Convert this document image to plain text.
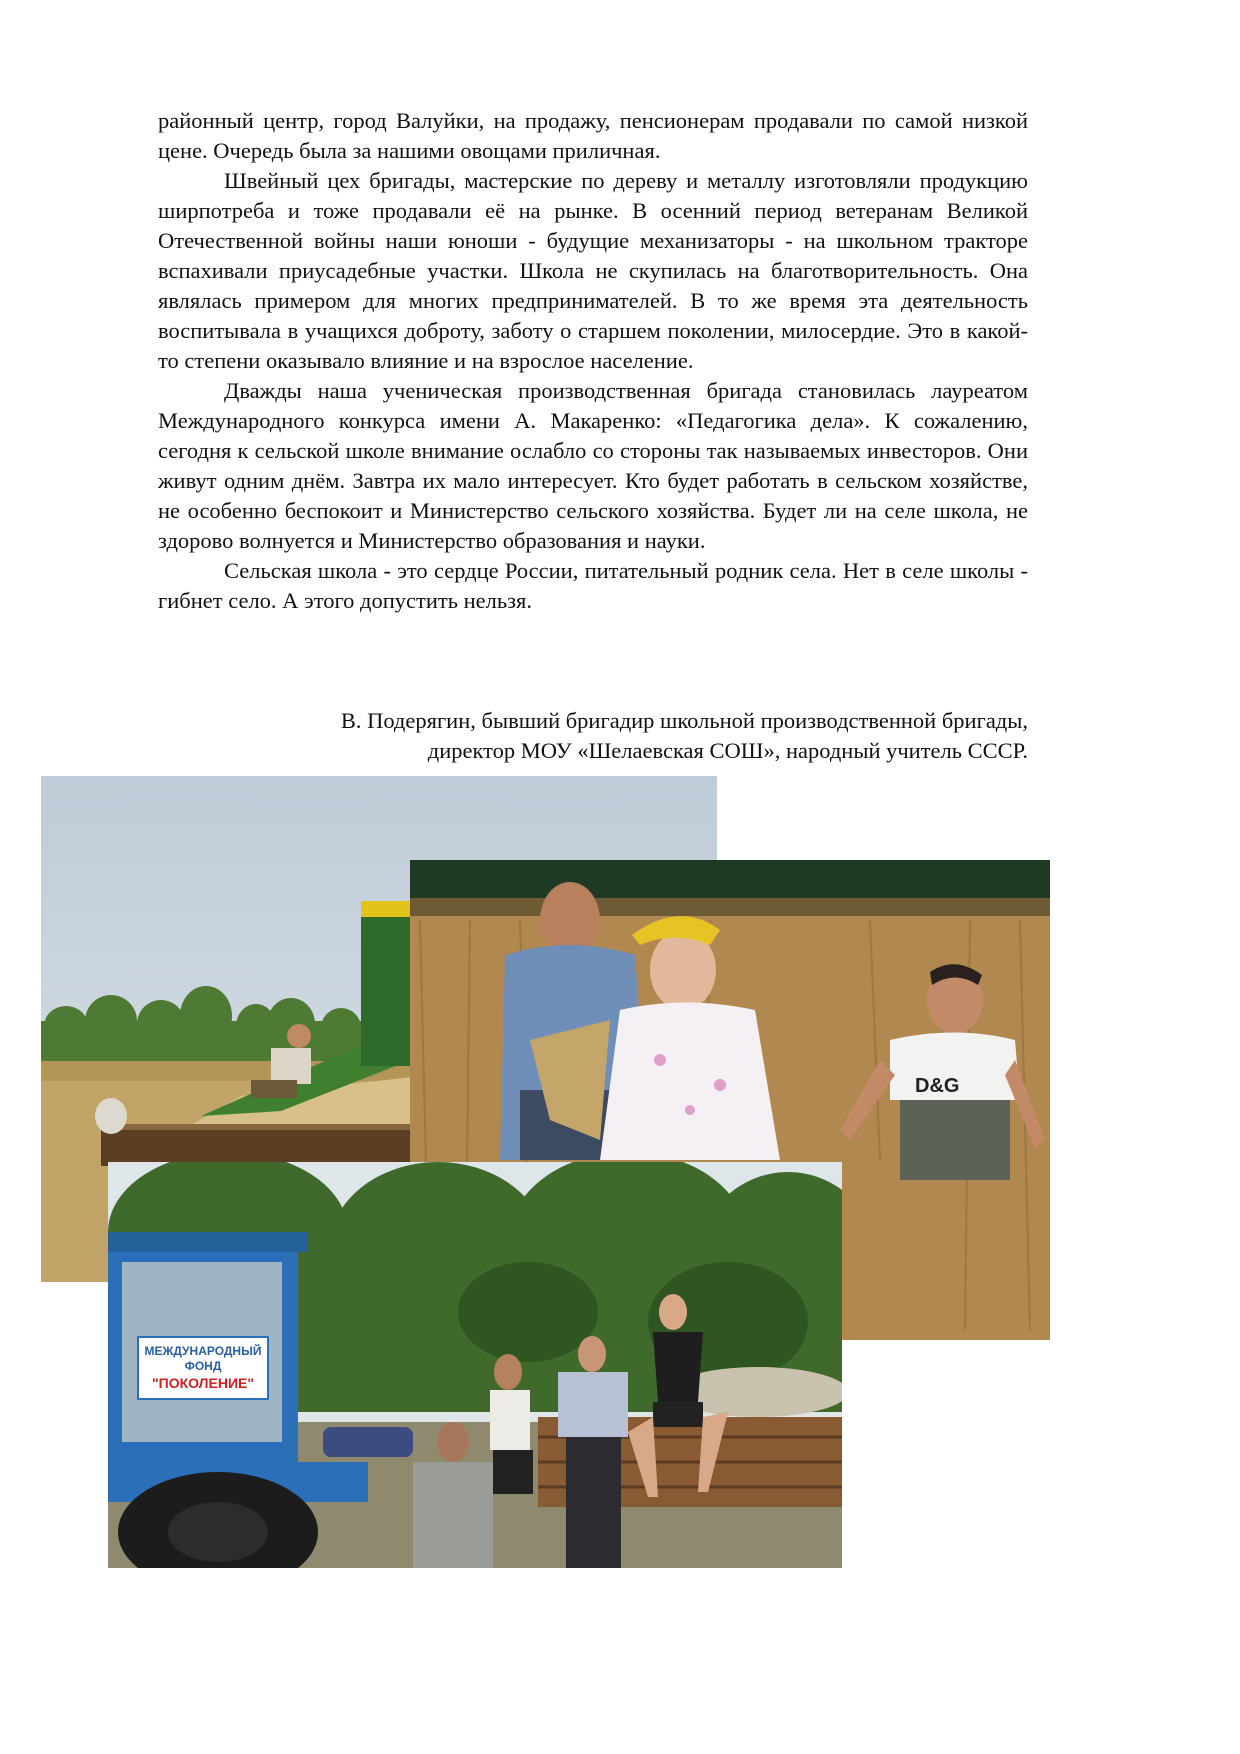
районный центр, город Валуйки, на продажу, пенсионерам продавали по самой низкой цене. Очередь была за нашими овощами приличная.

Швейный цех бригады, мастерские по дереву и металлу изготовляли продукцию ширпотреба и тоже продавали её на рынке. В осенний период ветеранам Великой Отечественной войны наши юноши - будущие механизаторы - на школьном тракторе вспахивали приусадебные участки. Школа не скупилась на благотворительность. Она являлась примером для многих предпринимателей. В то же время эта деятельность воспитывала в учащихся доброту, заботу о старшем поколении, милосердие. Это в какой-то степени оказывало влияние и на взрослое население.

Дважды наша ученическая производственная бригада становилась лауреатом Международного конкурса имени А. Макаренко: «Педагогика дела». К сожалению, сегодня к сельской школе внимание ослабло со стороны так называемых инвесторов. Они живут одним днём. Завтра их мало интересует. Кто будет работать в сельском хозяйстве, не особенно беспокоит и Министерство сельского хозяйства. Будет ли на селе школа, не здорово волнуется и Министерство образования и науки.

Сельская школа - это сердце России, питательный родник села. Нет в селе школы - гибнет село. А этого допустить нельзя.

В. Подерягин, бывший бригадир школьной производственной бригады,
директор МОУ «Шелаевская СОШ», народный учитель СССР.
D&G
МЕЖДУНАРОДНЫЙ
ФОНД
"ПОКОЛЕНИЕ"
